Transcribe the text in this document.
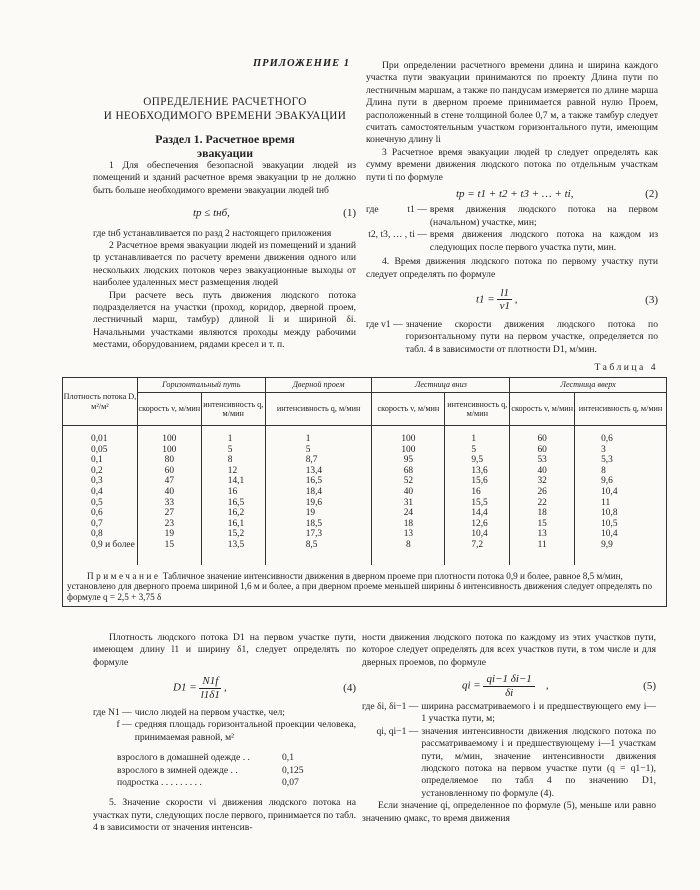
ПРИЛОЖЕНИЕ 1
ОПРЕДЕЛЕНИЕ РАСЧЕТНОГО
И НЕОБХОДИМОГО ВРЕМЕНИ ЭВАКУАЦИИ
Раздел 1. Расчетное время
эвакуации

1 Для обеспечения безопасной эвакуации людей из помещений и зданий расчетное время эвакуации tр не должно быть больше необходимого времени эвакуации людей tнб

tр ≤ tнб,	(1)

где tнб устанавливается по разд 2 настоящего приложения

2 Расчетное время эвакуации людей из помещений и зданий tр устанавливается по расчету времени движения одного или нескольких людских потоков через эвакуационные выходы от наиболее удаленных мест размещения людей

При расчете весь путь движения людского потока подразделяется на участки (проход, коридор, дверной проем, лестничный марш, тамбур) длиной li и шириной δi. Начальными участками являются проходы между рабочими местами, оборудованием, рядами кресел и т. п.

При определении расчетного времени длина и ширина каждого участка пути эвакуации принимаются по проекту Длина пути по лестничным маршам, а также по пандусам измеряется по длине марша Длина пути в дверном проеме принимается равной нулю Проем, расположенный в стене толщиной более 0,7 м, а также тамбур следует считать самостоятельным участком горизонтального пути, имеющим конечную длину li

3 Расчетное время эвакуации людей tр следует определять как сумму времени движения людского потока по отдельным участкам пути ti по формуле

tр = t1 + t2 + t3 + … + ti,	(2)
где	t1 — время движения людского потока на первом (начальном) участке, мин;

t2, t3, … , ti — время движения людского потока на каждом из следующих после первого участка пути, мин.

4. Время движения людского потока по первому участку пути следует определять по формуле

$t1 = \frac{l1}{v1}$ ,	(3)
где v1 — значение скорости движения людского потока по горизонтальному пути на первом участке, определяется по табл. 4 в зависимости от плотности D1, м/мин.

Таблица 4
Плотность потока D, м²/м²	Горизонтальный путь		Дверной проем	Лестница вниз		Лестница вверх	
	скорость v, м/мин	интенсивность q, м/мин	интенсивность q, м/мин	скорость v, м/мин	интенсивность q, м/мин	скорость v, м/мин	интенсивность q, м/мин

0,01	100	1	1	100	1	60	0,6
0,05	100	5	5	100	5	60	3
0,1	80	8	8,7	95	9,5	53	5,3
0,2	60	12	13,4	68	13,6	40	8
0,3	47	14,1	16,5	52	15,6	32	9,6
0,4	40	16	18,4	40	16	26	10,4
0,5	33	16,5	19,6	31	15,5	22	11
0,6	27	16,2	19	24	14,4	18	10,8
0,7	23	16,1	18,5	18	12,6	15	10,5
0,8	19	15,2	17,3	13	10,4	13	10,4
0,9 и более	15	13,5	8,5	8	7,2	11	9,9

Примечание Табличное значение интенсивности движения в дверном проеме при плотности потока 0,9 и более, равное 8,5 м/мин, установлено для дверного проема шириной 1,6 м и более, а при дверном проеме меньшей ширины δ интенсивность движения следует определять по формуле q = 2,5 + 3,75 δ							

Плотность людского потока D1 на первом участке пути, имеющем длину l1 и ширину δ1, следует определять по формуле

$D1 = \frac{N1f}{l1\delta 1}$ ,	(4)
где N1 — число людей на первом участке, чел;

f — средняя площадь горизонтальной проекции человека, принимаемая равной, м²

взрослого в домашней одежде . .	0,1
взрослого в зимней одежде . .	0,125
подростка . . . . . . . . .	0,07

5. Значение скорости vi движения людского потока на участках пути, следующих после первого, принимается по табл. 4 в зависимости от значения интенсив-

ности движения людского потока по каждому из этих участков пути, которое следует определять для всех участков пути, в том числе и для дверных проемов, по формуле

qi = $\frac{qi-1 \delta i-1}{\delta i}$ ,	(5)
где δi, δi−1 — ширина рассматриваемого i и предшествующего ему i—1 участка пути, м;

qi, qi−1 — значения интенсивности движения людского потока по рассматриваемому i и предшествующему i—1 участкам пути, м/мин, значение интенсивности движения людского потока на первом участке пути (q = q1−1), определяемое по табл 4 по значению D1, установленному по формуле (4).

Если значение qi, определенное по формуле (5), меньше или равно значению qмакс, то время движения
